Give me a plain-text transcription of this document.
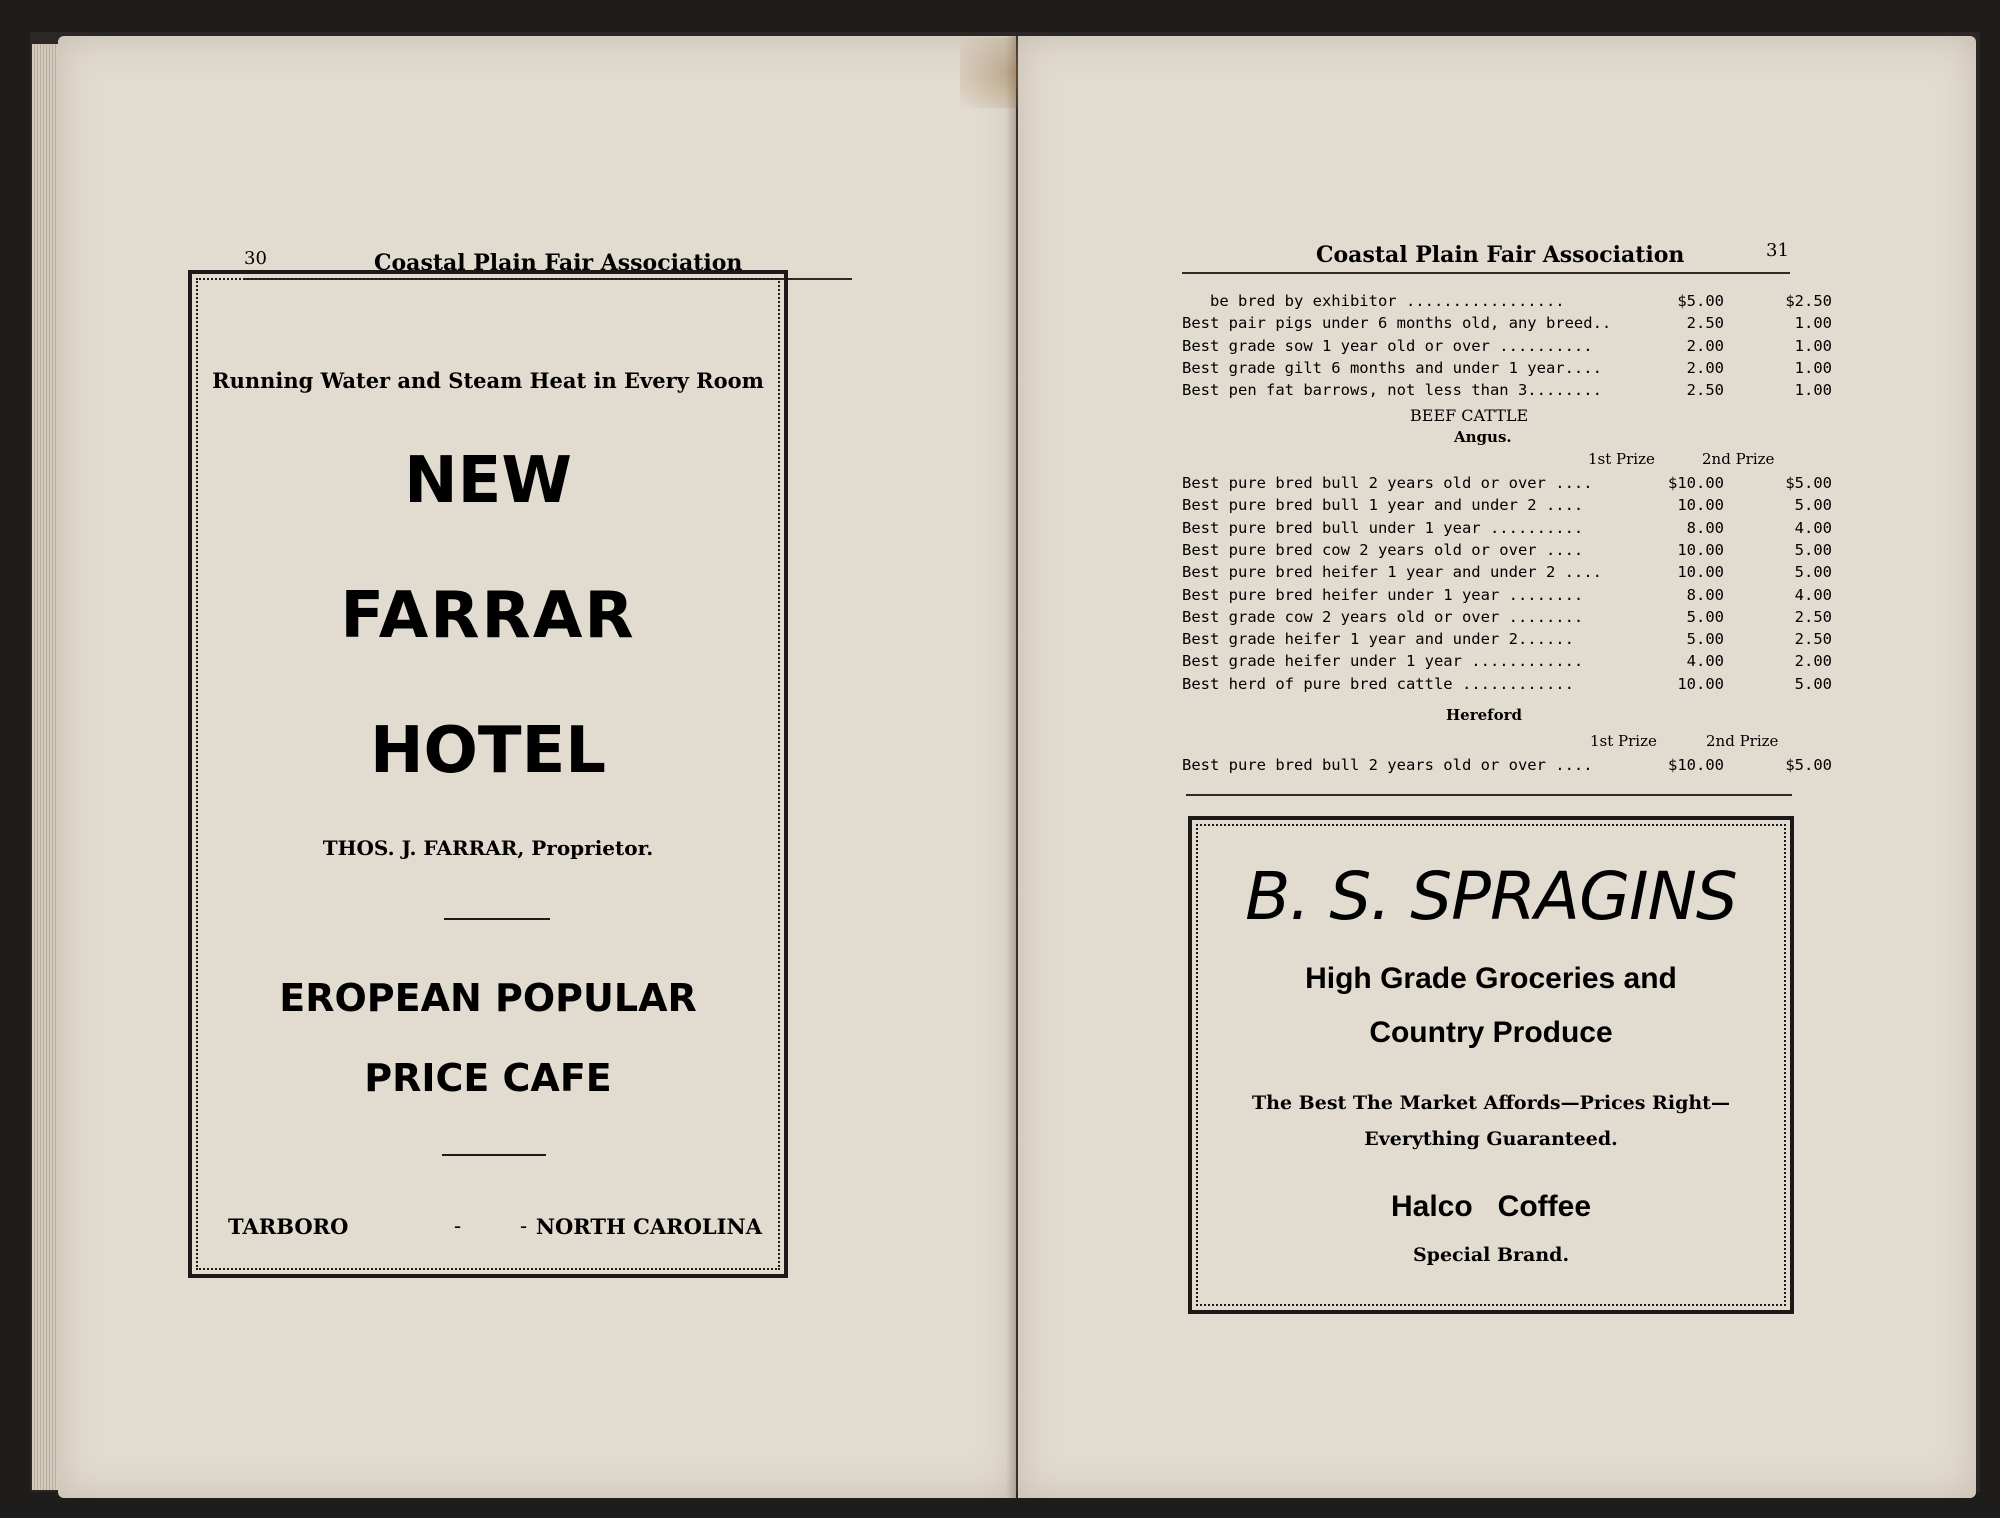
30	Coastal Plain Fair Association
Running Water and Steam Heat in Every Room
NEW
FARRAR
HOTEL
THOS. J. FARRAR, Proprietor.
EROPEAN POPULAR
PRICE CAFE
TARBORO	-	- NORTH CAROLINA
Coastal Plain Fair Association	31
be bred by exhibitor .................	$5.00	$2.50
Best pair pigs under 6 months old, any breed..	2.50	1.00
Best grade sow 1 year old or over ..........	2.00	1.00
Best grade gilt 6 months and under 1 year....	2.00	1.00
Best pen fat barrows, not less than 3........	2.50	1.00
BEEF CATTLE
Angus.
1st Prize	2nd Prize
Best pure bred bull 2 years old or over ....	$10.00	$5.00
Best pure bred bull 1 year and under 2 ....	10.00	5.00
Best pure bred bull under 1 year ..........	8.00	4.00
Best pure bred cow 2 years old or over ....	10.00	5.00
Best pure bred heifer 1 year and under 2 ....	10.00	5.00
Best pure bred heifer under 1 year ........	8.00	4.00
Best grade cow 2 years old or over ........	5.00	2.50
Best grade heifer 1 year and under 2......	5.00	2.50
Best grade heifer under 1 year ............	4.00	2.00
Best herd of pure bred cattle ............	10.00	5.00
Hereford
1st Prize	2nd Prize
Best pure bred bull 2 years old or over ....	$10.00	$5.00
B. S. SPRAGINS
High Grade Groceries and
Country Produce
The Best The Market Affords—Prices Right—
Everything Guaranteed.
Halco   Coffee
Special Brand.
